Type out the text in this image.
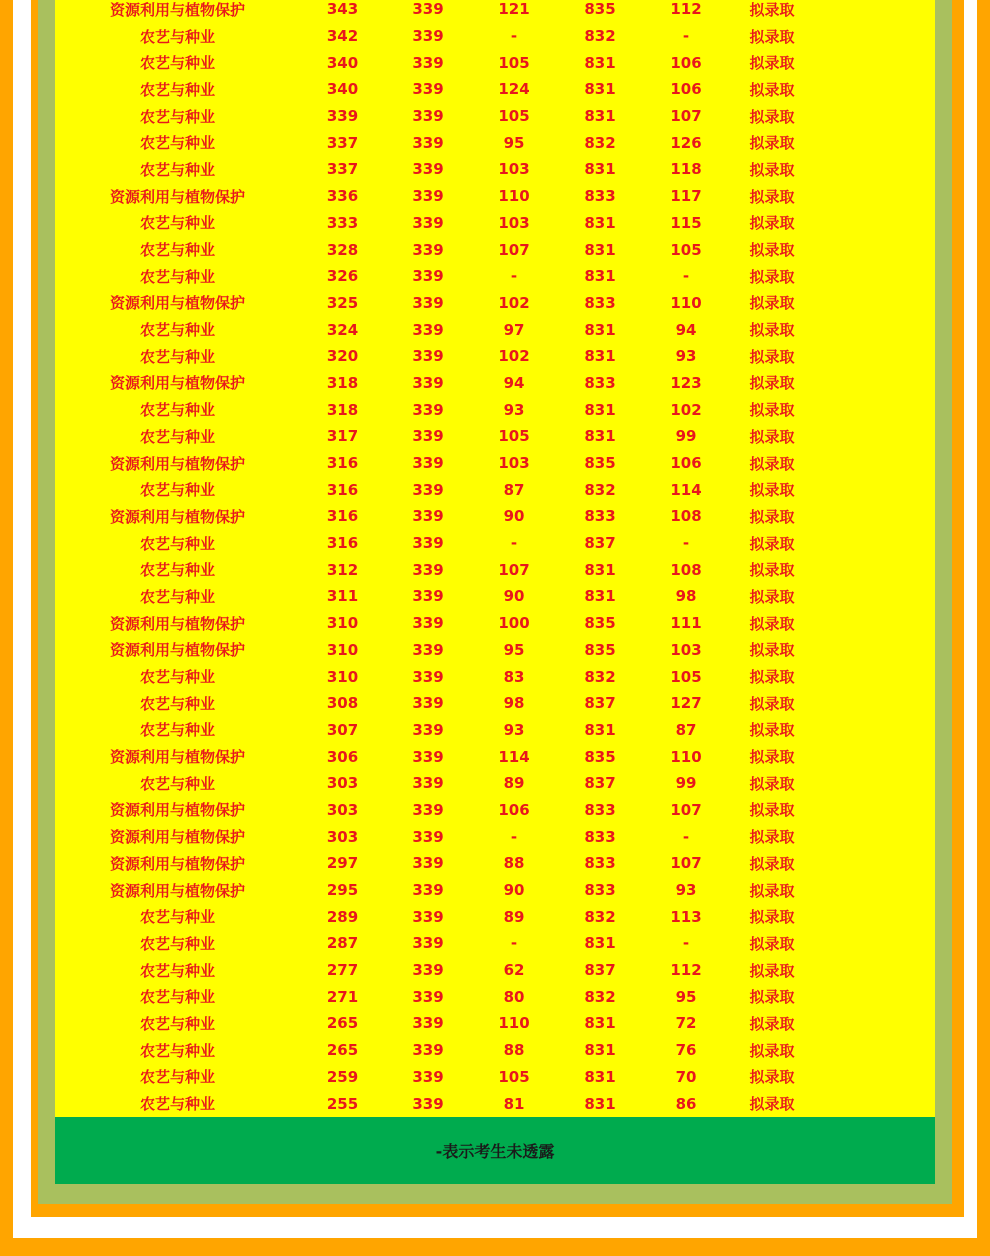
资源利用与植物保护	343	339	121	835	112	拟录取	
农艺与种业	342	339	-	832	-	拟录取	
农艺与种业	340	339	105	831	106	拟录取	
农艺与种业	340	339	124	831	106	拟录取	
农艺与种业	339	339	105	831	107	拟录取	
农艺与种业	337	339	95	832	126	拟录取	
农艺与种业	337	339	103	831	118	拟录取	
资源利用与植物保护	336	339	110	833	117	拟录取	
农艺与种业	333	339	103	831	115	拟录取	
农艺与种业	328	339	107	831	105	拟录取	
农艺与种业	326	339	-	831	-	拟录取	
资源利用与植物保护	325	339	102	833	110	拟录取	
农艺与种业	324	339	97	831	94	拟录取	
农艺与种业	320	339	102	831	93	拟录取	
资源利用与植物保护	318	339	94	833	123	拟录取	
农艺与种业	318	339	93	831	102	拟录取	
农艺与种业	317	339	105	831	99	拟录取	
资源利用与植物保护	316	339	103	835	106	拟录取	
农艺与种业	316	339	87	832	114	拟录取	
资源利用与植物保护	316	339	90	833	108	拟录取	
农艺与种业	316	339	-	837	-	拟录取	
农艺与种业	312	339	107	831	108	拟录取	
农艺与种业	311	339	90	831	98	拟录取	
资源利用与植物保护	310	339	100	835	111	拟录取	
资源利用与植物保护	310	339	95	835	103	拟录取	
农艺与种业	310	339	83	832	105	拟录取	
农艺与种业	308	339	98	837	127	拟录取	
农艺与种业	307	339	93	831	87	拟录取	
资源利用与植物保护	306	339	114	835	110	拟录取	
农艺与种业	303	339	89	837	99	拟录取	
资源利用与植物保护	303	339	106	833	107	拟录取	
资源利用与植物保护	303	339	-	833	-	拟录取	
资源利用与植物保护	297	339	88	833	107	拟录取	
资源利用与植物保护	295	339	90	833	93	拟录取	
农艺与种业	289	339	89	832	113	拟录取	
农艺与种业	287	339	-	831	-	拟录取	
农艺与种业	277	339	62	837	112	拟录取	
农艺与种业	271	339	80	832	95	拟录取	
农艺与种业	265	339	110	831	72	拟录取	
农艺与种业	265	339	88	831	76	拟录取	
农艺与种业	259	339	105	831	70	拟录取	
农艺与种业	255	339	81	831	86	拟录取	
-表示考生未透露
